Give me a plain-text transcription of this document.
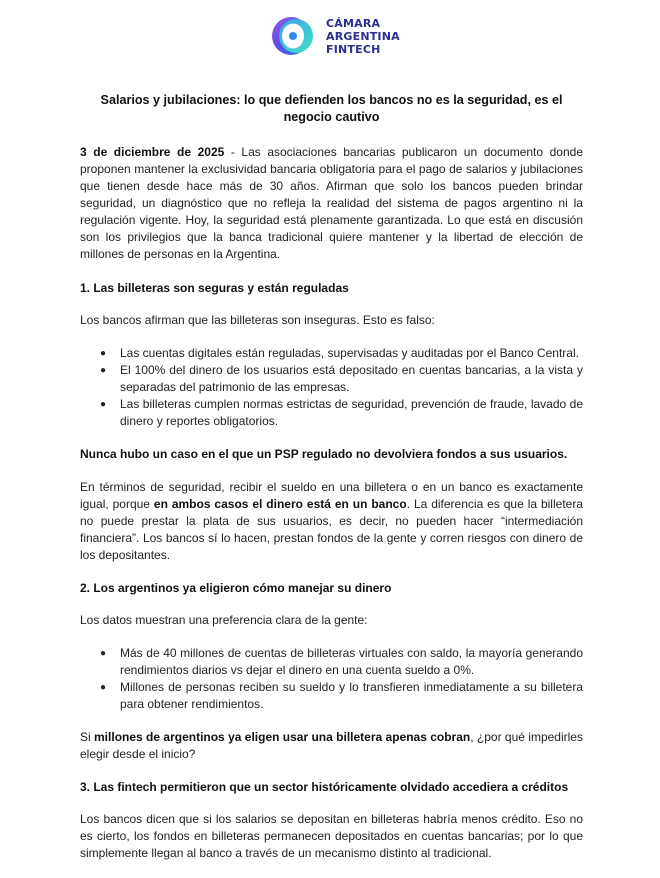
CÁMARA
ARGENTINA
FINTECH
Salarios y jubilaciones: lo que defienden los bancos no es la seguridad, es el negocio cautivo

3 de diciembre de 2025 - Las asociaciones bancarias publicaron un documento donde proponen mantener la exclusividad bancaria obligatoria para el pago de salarios y jubilaciones que tienen desde hace más de 30 años. Afirman que solo los bancos pueden brindar seguridad, un diagnóstico que no refleja la realidad del sistema de pagos argentino ni la regulación vigente. Hoy, la seguridad está plenamente garantizada. Lo que está en discusión son los privilegios que la banca tradicional quiere mantener y la libertad de elección de millones de personas en la Argentina.

1. Las billeteras son seguras y están reguladas

Los bancos afirman que las billeteras son inseguras. Esto es falso:

● Las cuentas digitales están reguladas, supervisadas y auditadas por el Banco Central.
● El 100% del dinero de los usuarios está depositado en cuentas bancarias, a la vista y separadas del patrimonio de las empresas.
● Las billeteras cumplen normas estrictas de seguridad, prevención de fraude, lavado de dinero y reportes obligatorios.
Nunca hubo un caso en el que un PSP regulado no devolviera fondos a sus usuarios.

En términos de seguridad, recibir el sueldo en una billetera o en un banco es exactamente igual, porque en ambos casos el dinero está en un banco. La diferencia es que la billetera no puede prestar la plata de sus usuarios, es decir, no pueden hacer “intermediación financiera”. Los bancos sí lo hacen, prestan fondos de la gente y corren riesgos con dinero de los depositantes.

2. Los argentinos ya eligieron cómo manejar su dinero

Los datos muestran una preferencia clara de la gente:

● Más de 40 millones de cuentas de billeteras virtuales con saldo, la mayoría generando rendimientos diarios vs dejar el dinero en una cuenta sueldo a 0%.
● Millones de personas reciben su sueldo y lo transfieren inmediatamente a su billetera para obtener rendimientos.

Si millones de argentinos ya eligen usar una billetera apenas cobran, ¿por qué impedirles elegir desde el inicio?

3. Las fintech permitieron que un sector históricamente olvidado accediera a créditos

Los bancos dicen que si los salarios se depositan en billeteras habría menos crédito. Eso no es cierto, los fondos en billeteras permanecen depositados en cuentas bancarias; por lo que simplemente llegan al banco a través de un mecanismo distinto al tradicional.
